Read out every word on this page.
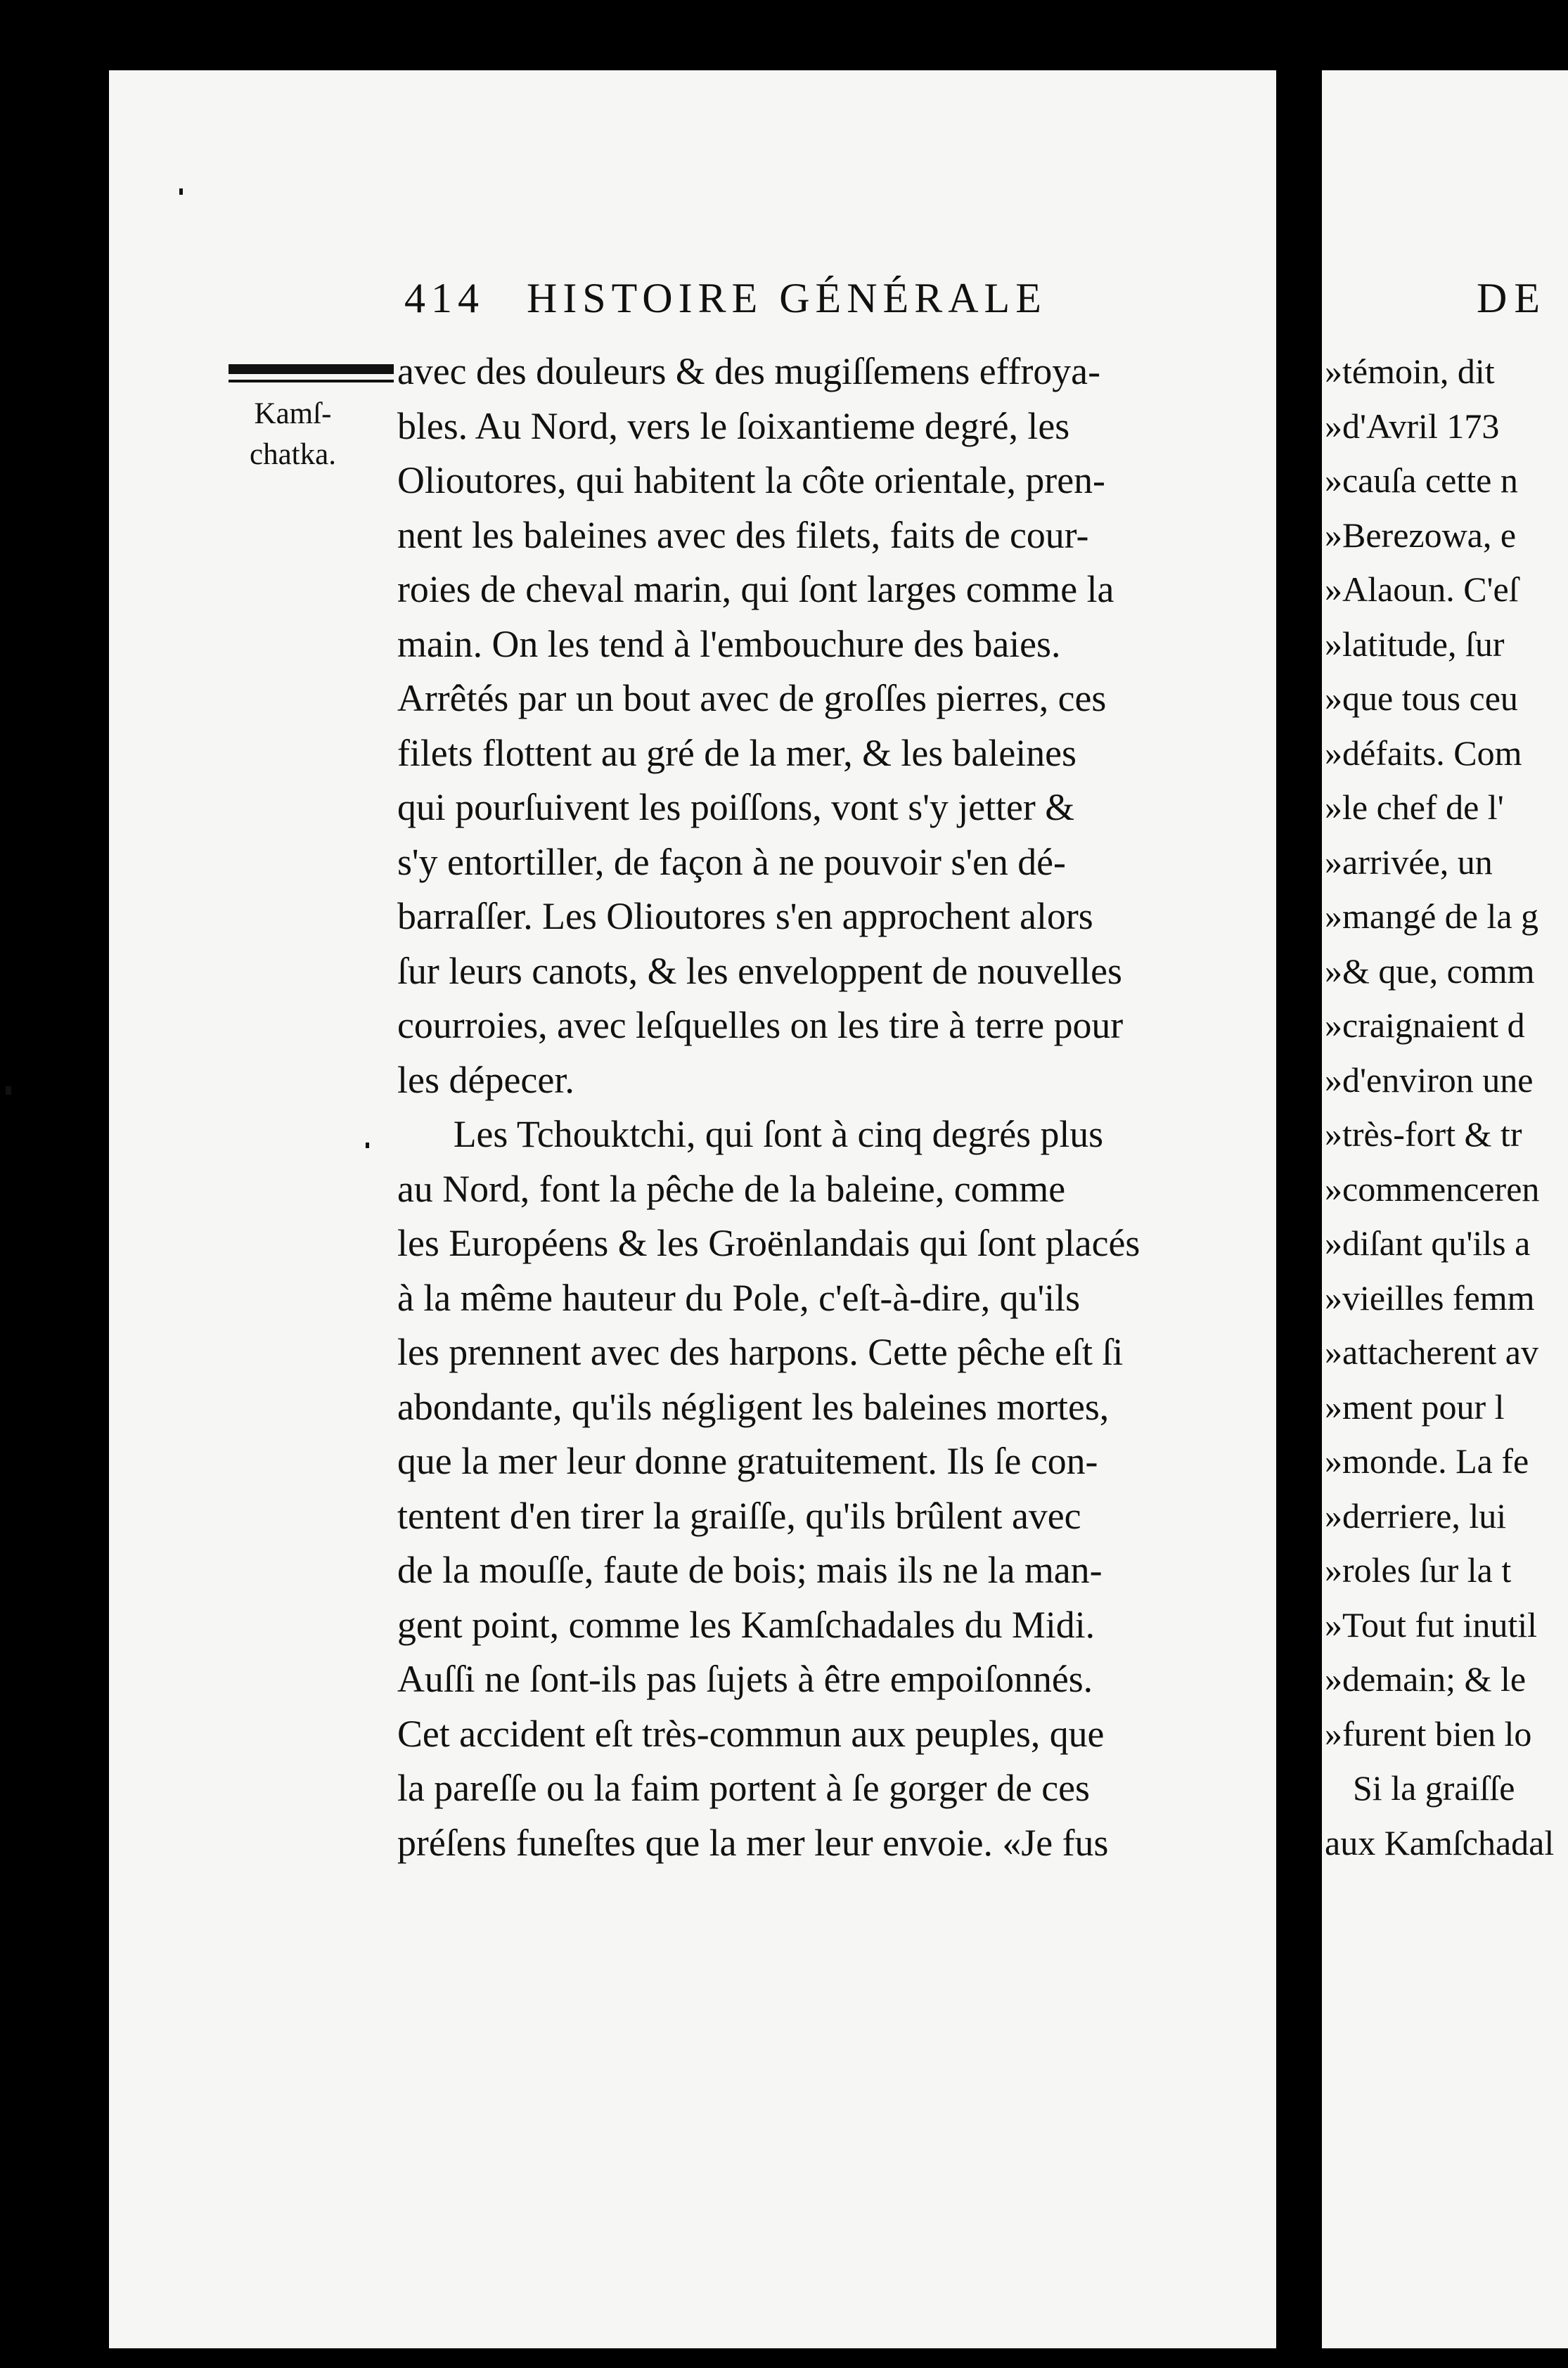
414 HISTOIRE GÉNÉRALE
Kamſ-
chatka.
avec des douleurs & des mugiſſemens effroya-
bles. Au Nord, vers le ſoixantieme degré, les
Olioutores, qui habitent la côte orientale, pren-
nent les baleines avec des filets, faits de cour-
roies de cheval marin, qui ſont larges comme la
main. On les tend à l'embouchure des baies.
Arrêtés par un bout avec de groſſes pierres, ces
filets flottent au gré de la mer, & les baleines
qui pourſuivent les poiſſons, vont s'y jetter &
s'y entortiller, de façon à ne pouvoir s'en dé-
barraſſer. Les Olioutores s'en approchent alors
ſur leurs canots, & les enveloppent de nouvelles
courroies, avec leſquelles on les tire à terre pour
les dépecer.
Les Tchouktchi, qui ſont à cinq degrés plus
au Nord, font la pêche de la baleine, comme
les Européens & les Groënlandais qui ſont placés
à la même hauteur du Pole, c'eſt-à-dire, qu'ils
les prennent avec des harpons. Cette pêche eſt ſi
abondante, qu'ils négligent les baleines mortes,
que la mer leur donne gratuitement. Ils ſe con-
tentent d'en tirer la graiſſe, qu'ils brûlent avec
de la mouſſe, faute de bois; mais ils ne la man-
gent point, comme les Kamſchadales du Midi.
Auſſi ne ſont-ils pas ſujets à être empoiſonnés.
Cet accident eſt très-commun aux peuples, que
la pareſſe ou la faim portent à ſe gorger de ces
préſens funeſtes que la mer leur envoie. «Je fus
DE
»témoin, dit
»d'Avril 173
»cauſa cette n
»Berezowa, e
»Alaoun. C'eſ
»latitude, ſur
»que tous ceu
»défaits. Com
»le chef de l'
»arrivée, un
»mangé de la g
»& que, comm
»craignaient d
»d'environ une
»très-fort & tr
»commenceren
»diſant qu'ils a
»vieilles femm
»attacherent av
»ment pour l
»monde. La fe
»derriere, lui
»roles ſur la t
»Tout fut inutil
»demain; & le
»furent bien lo
Si la graiſſe
aux Kamſchadal
